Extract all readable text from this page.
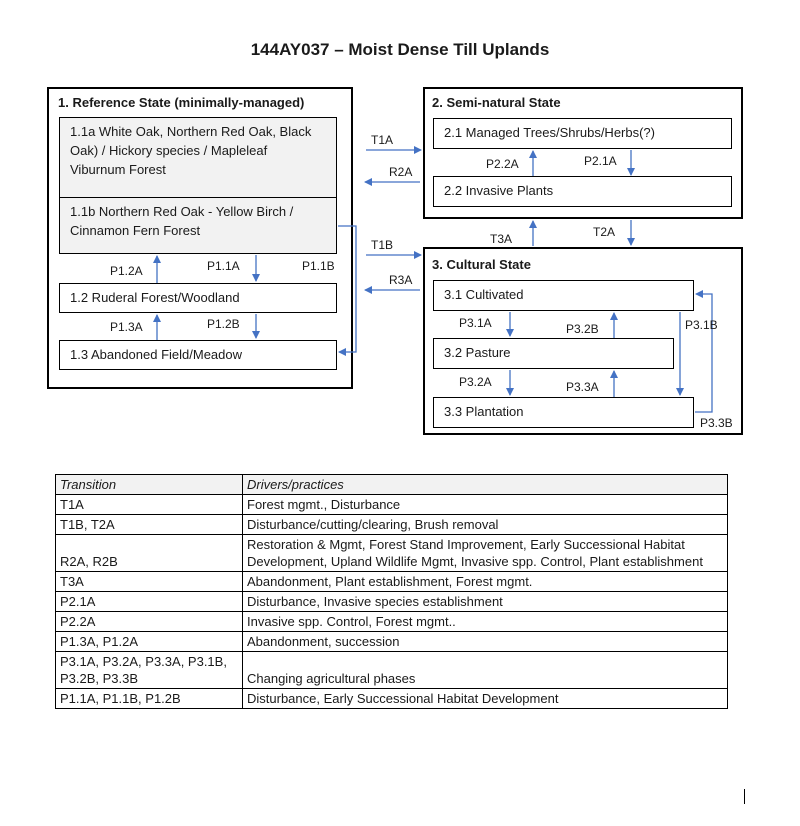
144AY037 – Moist Dense Till Uplands
1. Reference State (minimally-managed)
1.1a White Oak, Northern Red Oak, Black Oak) / Hickory species / Mapleleaf Viburnum Forest
1.1b Northern Red Oak - Yellow Birch / Cinnamon Fern Forest
1.2 Ruderal Forest/Woodland
1.3 Abandoned Field/Meadow
2. Semi-natural State
2.1 Managed Trees/Shrubs/Herbs(?)
2.2 Invasive Plants
3. Cultural State
3.1 Cultivated
3.2 Pasture
3.3 Plantation
T1A
R2A
T1B
R3A
P2.2A	P2.1A
T3A	T2A
P1.2A	P1.1A	P1.1B
P1.3A	P1.2B	P3.1A	P3.2B	P3.1B
P3.2A	P3.3A
P3.3B
Transition	Drivers/practices
T1A	Forest mgmt., Disturbance
T1B, T2A	Disturbance/cutting/clearing, Brush removal
R2A, R2B	Restoration & Mgmt, Forest Stand Improvement, Early Successional Habitat Development, Upland Wildlife Mgmt, Invasive spp. Control, Plant establishment
T3A	Abandonment, Plant establishment, Forest mgmt.
P2.1A	Disturbance, Invasive species establishment
P2.2A	Invasive spp. Control, Forest mgmt..
P1.3A, P1.2A	Abandonment, succession
P3.1A, P3.2A, P3.3A, P3.1B, P3.2B, P3.3B	Changing agricultural phases
P1.1A, P1.1B, P1.2B	Disturbance, Early Successional Habitat Development
